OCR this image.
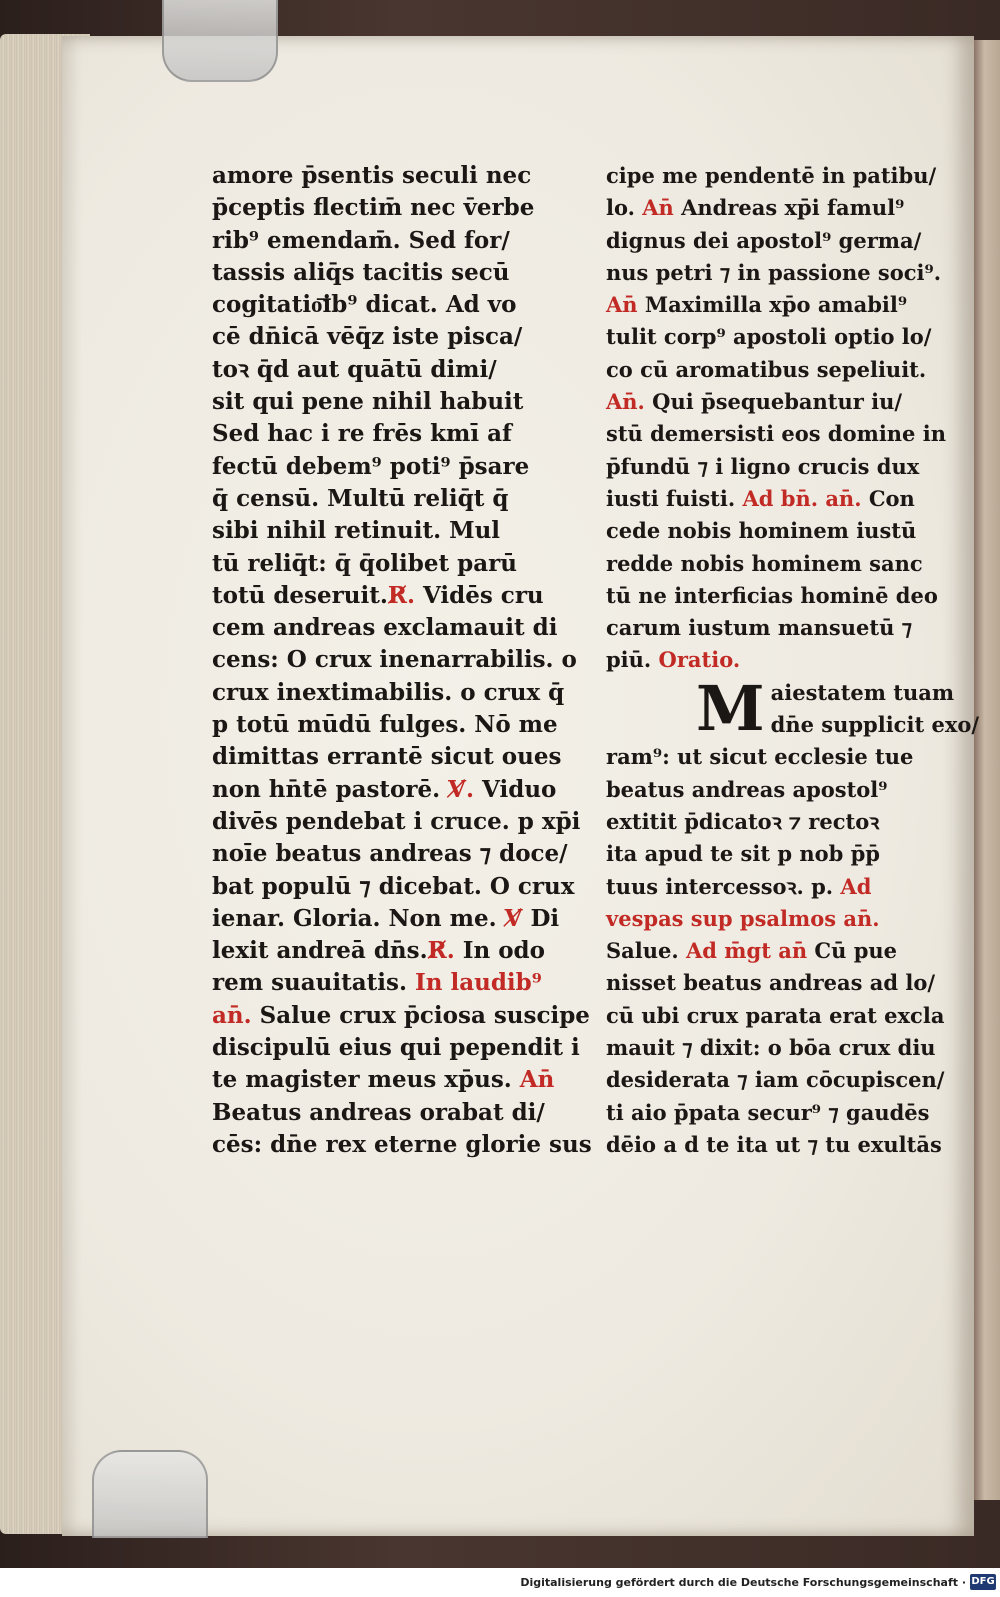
amore p̄sentis seculi nec
p̄ceptis flectim̄ nec v̄erbe
rib⁹ emendam̄. Sed for/
tassis aliq̄s tacitis secū
cogitatio͞ib⁹ dicat. Ad vo
cē dn̄icā vēq̄z iste pisca/
toꝛ q̄d aut quātū dimi/
sit qui pene nihil habuit
Sed hac i re frēs kmī af
fectū debem⁹ poti⁹ p̄sare
q̄ censū. Multū reliq̄t q̄
sibi nihil retinuit. Mul
tū reliq̄t: q̄ q̄olibet parū
totū deseruit.R̸. Vidēs cru
cem andreas exclamauit di
cens: O crux inenarrabilis. o
crux inextimabilis. o crux q̄
p totū mūdū fulges. Nō me
dimittas errantē sicut oues
non hn̄tē pastorē. V̸. Viduo
divēs pendebat i cruce. p xp̄i
noīe beatus andreas ⁊ doce/
bat populū ⁊ dicebat. O crux
ienar. Gloria. Non me. V̸ Di
lexit andreā dn̄s.R̸. In odo
rem suauitatis. In laudib⁹
an̄. Salue crux p̄ciosa suscipe
discipulū eius qui pependit i
te magister meus xp̄us. An̄
Beatus andreas orabat di/
cēs: dn̄e rex eterne glorie sus
cipe me pendentē in patibu/
lo. An̄ Andreas xp̄i famul⁹
dignus dei apostol⁹ germa/
nus petri ⁊ in passione soci⁹.
An̄ Maximilla xp̄o amabil⁹
tulit corp⁹ apostoli optio lo/
co cū aromatibus sepeliuit.
An̄. Qui p̄sequebantur iu/
stū demersisti eos domine in
p̄fundū ⁊ i ligno crucis dux
iusti fuisti. Ad bn̄. an̄. Con
cede nobis hominem iustū
redde nobis hominem sanc
tū ne interficias hominē deo
carum iustum mansuetū ⁊
piū. Oratio.
M aiestatem tuam
dn̄e supplicit exo/
ram⁹: ut sicut ecclesie tue
beatus andreas apostol⁹
extitit p̄dicatoꝛ ⁊ rectoꝛ
ita apud te sit p nob p̄p̄
tuus intercessoꝛ. p. Ad
vespas sup psalmos an̄.
Salue. Ad m̄gt an̄ Cū pue
nisset beatus andreas ad lo/
cū ubi crux parata erat excla
mauit ⁊ dixit: o bōa crux diu
desiderata ⁊ iam cōcupiscen/
ti aio p̄pata secur⁹ ⁊ gaudēs
dēio a d te ita ut ⁊ tu exultās
Digitalisierung gefördert durch die Deutsche Forschungsgemeinschaft · DFG
